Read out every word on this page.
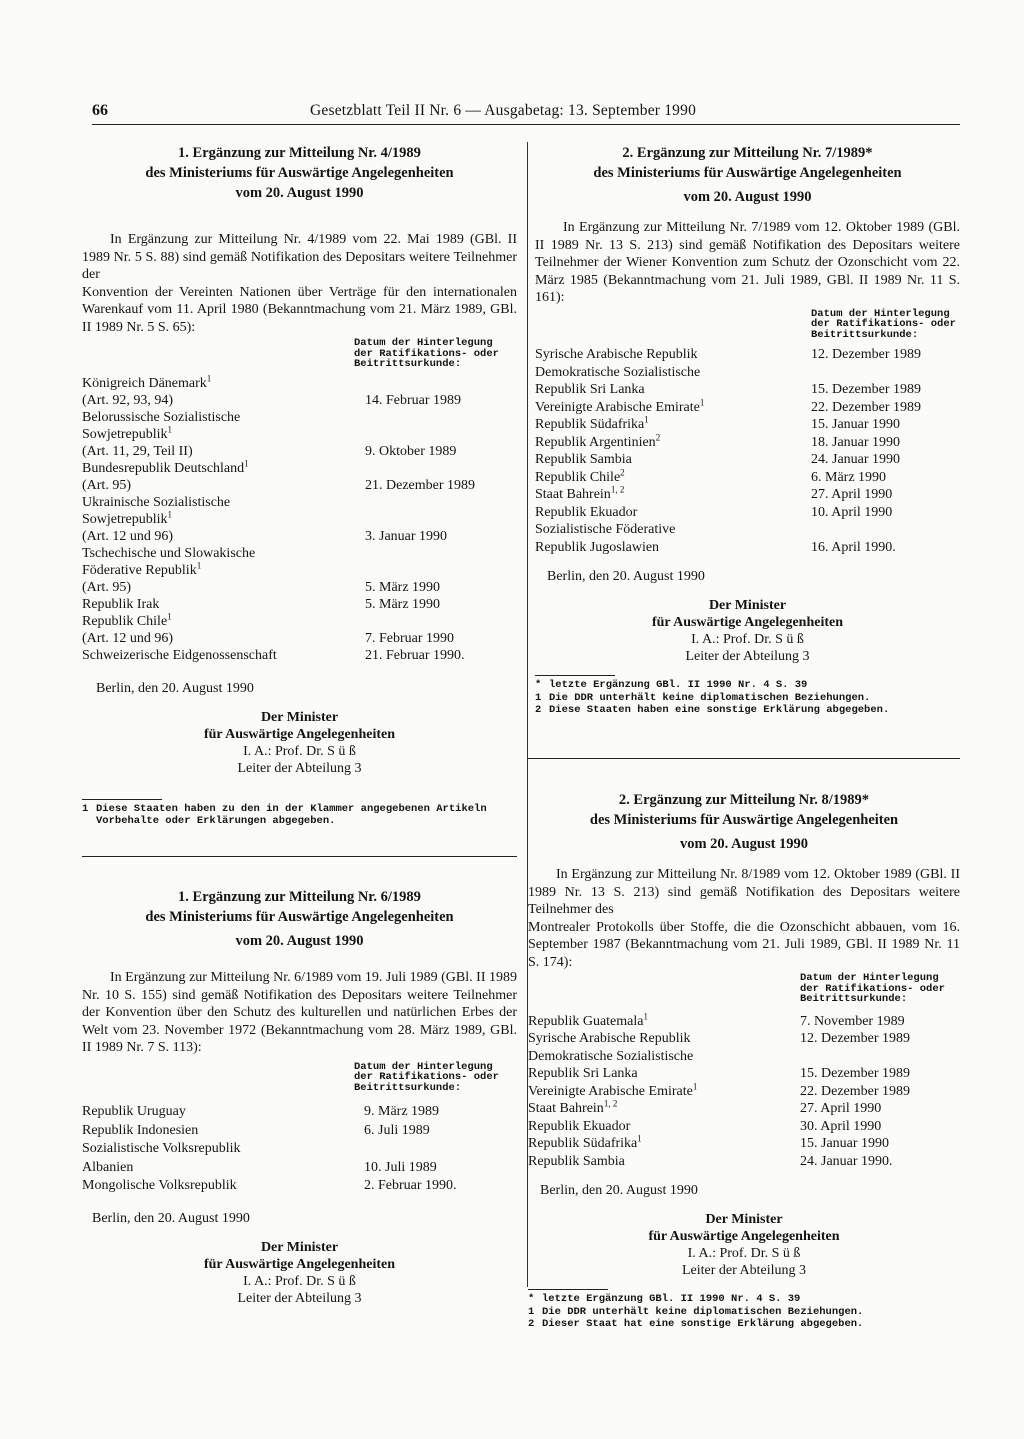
66	Gesetzblatt Teil II Nr. 6 — Ausgabetag: 13. September 1990

1. Ergänzung zur Mitteilung Nr. 4/1989
des Ministeriums für Auswärtige Angelegenheiten
vom 20. August 1990

In Ergänzung zur Mitteilung Nr. 4/1989 vom 22. Mai 1989 (GBl. II 1989 Nr. 5 S. 88) sind gemäß Notifikation des Depositars weitere Teilnehmer der
Konvention der Vereinten Nationen über Verträge für den internationalen Warenkauf vom 11. April 1980 (Bekanntmachung vom 21. März 1989, GBl. II 1989 Nr. 5 S. 65):
Datum der Hinterlegung
der Ratifikations- oder
Beitrittsurkunde:
Königreich Dänemark$^1$
(Art. 92, 93, 94)	14. Februar 1989
Belorussische Sozialistische
Sowjetrepublik$^1$
(Art. 11, 29, Teil II)	9. Oktober 1989
Bundesrepublik Deutschland$^1$
(Art. 95)	21. Dezember 1989
Ukrainische Sozialistische
Sowjetrepublik$^1$
(Art. 12 und 96)	3. Januar 1990
Tschechische und Slowakische
Föderative Republik$^1$
(Art. 95)	5. März 1990
Republik Irak	5. März 1990
Republik Chile$^1$
(Art. 12 und 96)	7. Februar 1990
Schweizerische Eidgenossenschaft	21. Februar 1990.
Berlin, den 20. August 1990
Der Minister
für Auswärtige Angelegenheiten
I. A.: Prof. Dr. S ü ß
Leiter der Abteilung 3
1 Diese Staaten haben zu den in der Klammer angegebenen Artikeln Vorbehalte oder Erklärungen abgegeben.

1. Ergänzung zur Mitteilung Nr. 6/1989
des Ministeriums für Auswärtige Angelegenheiten
vom 20. August 1990

In Ergänzung zur Mitteilung Nr. 6/1989 vom 19. Juli 1989 (GBl. II 1989 Nr. 10 S. 155) sind gemäß Notifikation des Depositars weitere Teilnehmer der Konvention über den Schutz des kulturellen und natürlichen Erbes der Welt vom 23. November 1972 (Bekanntmachung vom 28. März 1989, GBl. II 1989 Nr. 7 S. 113):
Datum der Hinterlegung
der Ratifikations- oder
Beitrittsurkunde:
Republik Uruguay	9. März 1989
Republik Indonesien	6. Juli 1989
Sozialistische Volksrepublik
Albanien	10. Juli 1989
Mongolische Volksrepublik	2. Februar 1990.
Berlin, den 20. August 1990
Der Minister
für Auswärtige Angelegenheiten
I. A.: Prof. Dr. S ü ß
Leiter der Abteilung 3

2. Ergänzung zur Mitteilung Nr. 7/1989*
des Ministeriums für Auswärtige Angelegenheiten
vom 20. August 1990

In Ergänzung zur Mitteilung Nr. 7/1989 vom 12. Oktober 1989 (GBl. II 1989 Nr. 13 S. 213) sind gemäß Notifikation des Depositars weitere Teilnehmer der Wiener Konvention zum Schutz der Ozonschicht vom 22. März 1985 (Bekanntmachung vom 21. Juli 1989, GBl. II 1989 Nr. 11 S. 161):
Datum der Hinterlegung
der Ratifikations- oder
Beitrittsurkunde:
Syrische Arabische Republik	12. Dezember 1989
Demokratische Sozialistische
Republik Sri Lanka	15. Dezember 1989
Vereinigte Arabische Emirate$^1$	22. Dezember 1989
Republik Südafrika$^1$	15. Januar 1990
Republik Argentinien$^2$	18. Januar 1990
Republik Sambia	24. Januar 1990
Republik Chile$^2$	6. März 1990
Staat Bahrein$^{1, 2}$	27. April 1990
Republik Ekuador	10. April 1990
Sozialistische Föderative
Republik Jugoslawien	16. April 1990.
Berlin, den 20. August 1990
Der Minister
für Auswärtige Angelegenheiten
I. A.: Prof. Dr. S ü ß
Leiter der Abteilung 3
* letzte Ergänzung GBl. II 1990 Nr. 4 S. 39
1 Die DDR unterhält keine diplomatischen Beziehungen.
2 Diese Staaten haben eine sonstige Erklärung abgegeben.

2. Ergänzung zur Mitteilung Nr. 8/1989*
des Ministeriums für Auswärtige Angelegenheiten
vom 20. August 1990

In Ergänzung zur Mitteilung Nr. 8/1989 vom 12. Oktober 1989 (GBl. II 1989 Nr. 13 S. 213) sind gemäß Notifikation des Depositars weitere Teilnehmer des
Montrealer Protokolls über Stoffe, die die Ozonschicht abbauen, vom 16. September 1987 (Bekanntmachung vom 21. Juli 1989, GBl. II 1989 Nr. 11 S. 174):
Datum der Hinterlegung
der Ratifikations- oder
Beitrittsurkunde:
Republik Guatemala$^1$	7. November 1989
Syrische Arabische Republik	12. Dezember 1989
Demokratische Sozialistische
Republik Sri Lanka	15. Dezember 1989
Vereinigte Arabische Emirate$^1$	22. Dezember 1989
Staat Bahrein$^{1, 2}$	27. April 1990
Republik Ekuador	30. April 1990
Republik Südafrika$^1$	15. Januar 1990
Republik Sambia	24. Januar 1990.
Berlin, den 20. August 1990
Der Minister
für Auswärtige Angelegenheiten
I. A.: Prof. Dr. S ü ß
Leiter der Abteilung 3
* letzte Ergänzung GBl. II 1990 Nr. 4 S. 39
1 Die DDR unterhält keine diplomatischen Beziehungen.
2 Dieser Staat hat eine sonstige Erklärung abgegeben.
